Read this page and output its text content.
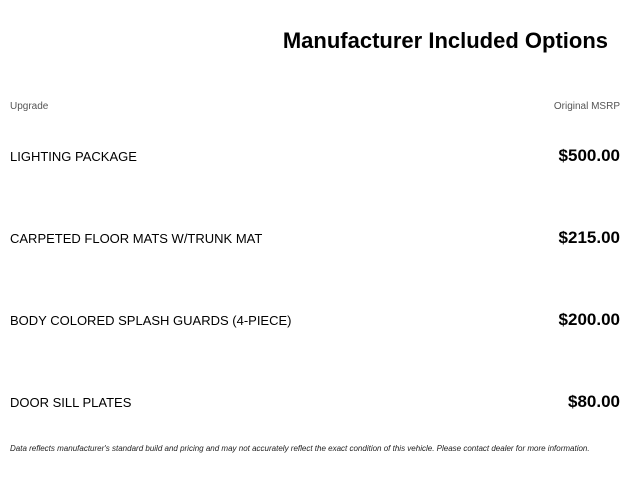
Manufacturer Included Options
Upgrade	Original MSRP
LIGHTING PACKAGE	$500.00
CARPETED FLOOR MATS W/TRUNK MAT	$215.00
BODY COLORED SPLASH GUARDS (4-PIECE)	$200.00
DOOR SILL PLATES	$80.00
Data reflects manufacturer's standard build and pricing and may not accurately reflect the exact condition of this vehicle. Please contact dealer for more information.
